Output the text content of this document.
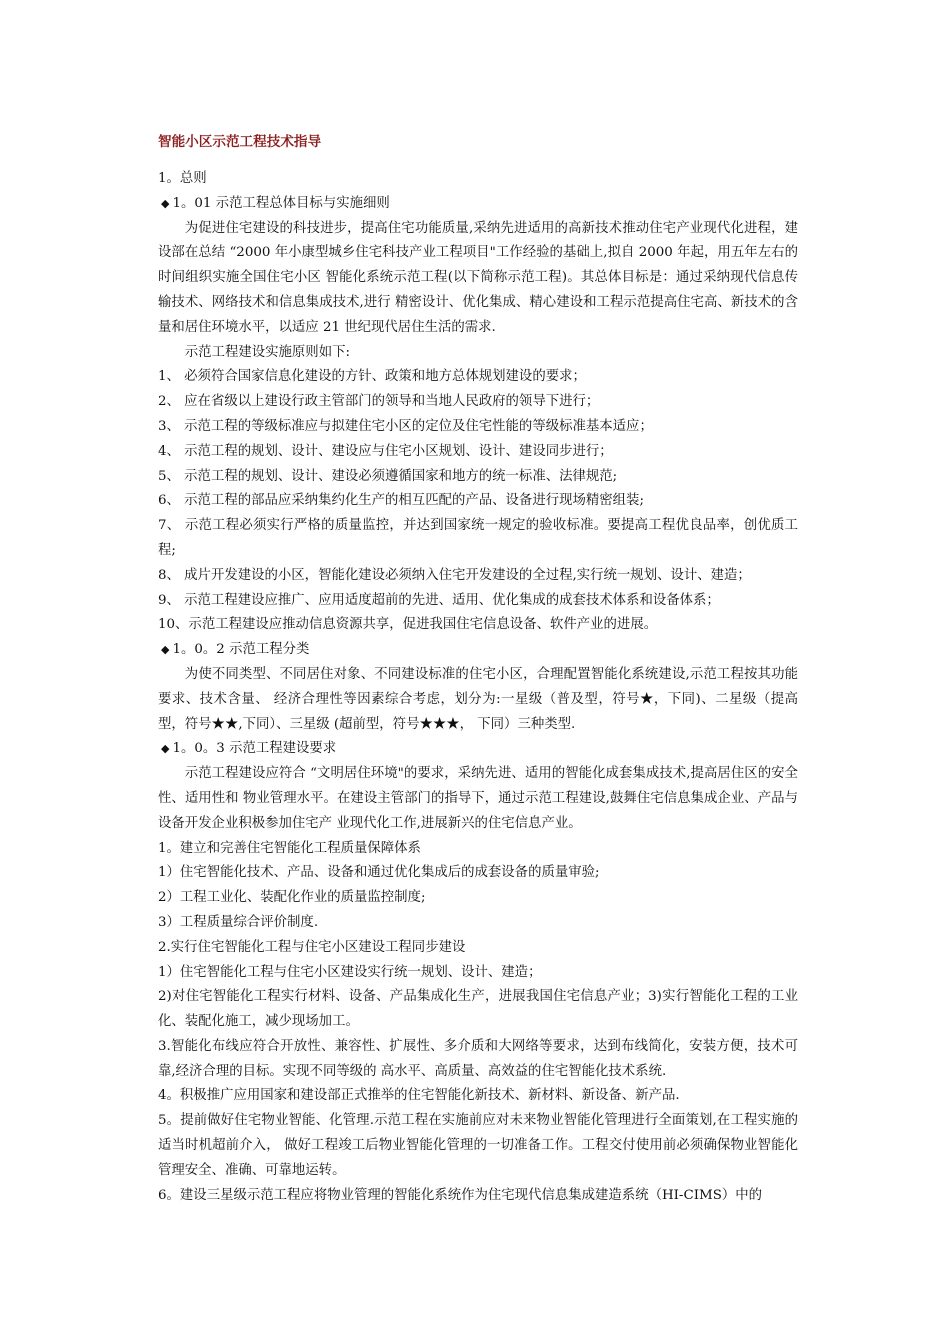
智能小区示范工程技术指导

1。总则

◆ 1。01 示范工程总体目标与实施细则

为促进住宅建设的科技进步，提高住宅功能质量,采纳先进适用的高新技术推动住宅产业现代化进程，建设部在总结 “2000 年小康型城乡住宅科技产业工程项目"工作经验的基础上,拟自 2000 年起，用五年左右的时间组织实施全国住宅小区 智能化系统示范工程(以下简称示范工程)。其总体目标是：通过采纳现代信息传输技术、网络技术和信息集成技术,进行 精密设计、优化集成、精心建设和工程示范提高住宅高、新技术的含量和居住环境水平，以适应 21 世纪现代居住生活的需求.

示范工程建设实施原则如下:

1、 必须符合国家信息化建设的方针、政策和地方总体规划建设的要求；

2、 应在省级以上建设行政主管部门的领导和当地人民政府的领导下进行；

3、 示范工程的等级标准应与拟建住宅小区的定位及住宅性能的等级标准基本适应；

4、 示范工程的规划、设计、建设应与住宅小区规划、设计、建设同步进行；

5、 示范工程的规划、设计、建设必须遵循国家和地方的统一标准、法律规范;

6、 示范工程的部品应采纳集约化生产的相互匹配的产品、设备进行现场精密组装;

7、 示范工程必须实行严格的质量监控，并达到国家统一规定的验收标准。要提高工程优良品率，创优质工程;

8、 成片开发建设的小区，智能化建设必须纳入住宅开发建设的全过程,实行统一规划、设计、建造；

9、 示范工程建设应推广、应用适度超前的先进、适用、优化集成的成套技术体系和设备体系；

10、示范工程建设应推动信息资源共享，促进我国住宅信息设备、软件产业的进展。

◆ 1。0。2 示范工程分类

为使不同类型、不同居住对象、不同建设标准的住宅小区，合理配置智能化系统建设,示范工程按其功能要求、技术含量、 经济合理性等因素综合考虑，划分为:一星级（普及型，符号★，下同)、二星级（提高型，符号★★,下同）、三星级 (超前型，符号★★★， 下同）三种类型.

◆ 1。0。3 示范工程建设要求

示范工程建设应符合 “文明居住环境"的要求，采纳先进、适用的智能化成套集成技术,提高居住区的安全性、适用性和 物业管理水平。在建设主管部门的指导下，通过示范工程建设,鼓舞住宅信息集成企业、产品与设备开发企业积极参加住宅产 业现代化工作,进展新兴的住宅信息产业。

1。建立和完善住宅智能化工程质量保障体系

1）住宅智能化技术、产品、设备和通过优化集成后的成套设备的质量审验;

2）工程工业化、装配化作业的质量监控制度;

3）工程质量综合评价制度.

2.实行住宅智能化工程与住宅小区建设工程同步建设

1）住宅智能化工程与住宅小区建设实行统一规划、设计、建造；

2)对住宅智能化工程实行材料、设备、产品集成化生产，进展我国住宅信息产业；3)实行智能化工程的工业化、装配化施工，减少现场加工。

3.智能化布线应符合开放性、兼容性、扩展性、多介质和大网络等要求，达到布线简化，安装方便，技术可靠,经济合理的目标。实现不同等级的 高水平、高质量、高效益的住宅智能化技术系统.

4。积极推广应用国家和建设部正式推举的住宅智能化新技术、新材料、新设备、新产品.

5。提前做好住宅物业智能、化管理.示范工程在实施前应对未来物业智能化管理进行全面策划,在工程实施的适当时机超前介入， 做好工程竣工后物业智能化管理的一切准备工作。工程交付使用前必须确保物业智能化管理安全、准确、可靠地运转。

6。建设三星级示范工程应将物业管理的智能化系统作为住宅现代信息集成建造系统（HI-CIMS）中的
